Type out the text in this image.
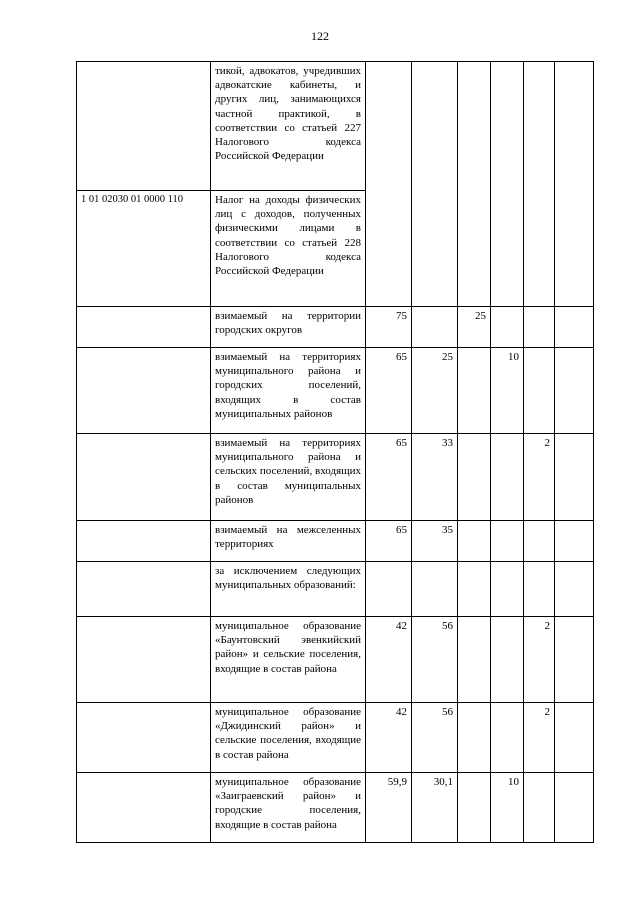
122
	тикой, адвокатов, учредивших адвокатские кабинеты, и других лиц, занимающихся частной практикой, в соответствии со статьей 227 Налогового кодекса Российской Федерации						
1 01 02030 01 0000 110	Налог на доходы физических лиц с доходов, полученных физическими лицами в соответствии со статьей 228 Налогового кодекса Российской Федерации						
	взимаемый на территории городских округов	75		25			
	взимаемый на территориях муниципального района и городских поселений, входящих в состав муниципальных районов	65	25		10		
	взимаемый на территориях муниципального района и сельских поселений, входящих в состав муниципальных районов	65	33			2	
	взимаемый на межселенных территориях	65	35				
	за исключением следующих муниципальных образований:						
	муниципальное образование «Баунтовский эвенкийский район» и сельские поселения, входящие в состав района	42	56			2	
	муниципальное образование «Джидинский район» и сельские поселения, входящие в состав района	42	56			2	
	муниципальное образование «Заиграевский район» и городские поселения, входящие в состав района	59,9	30,1		10		
